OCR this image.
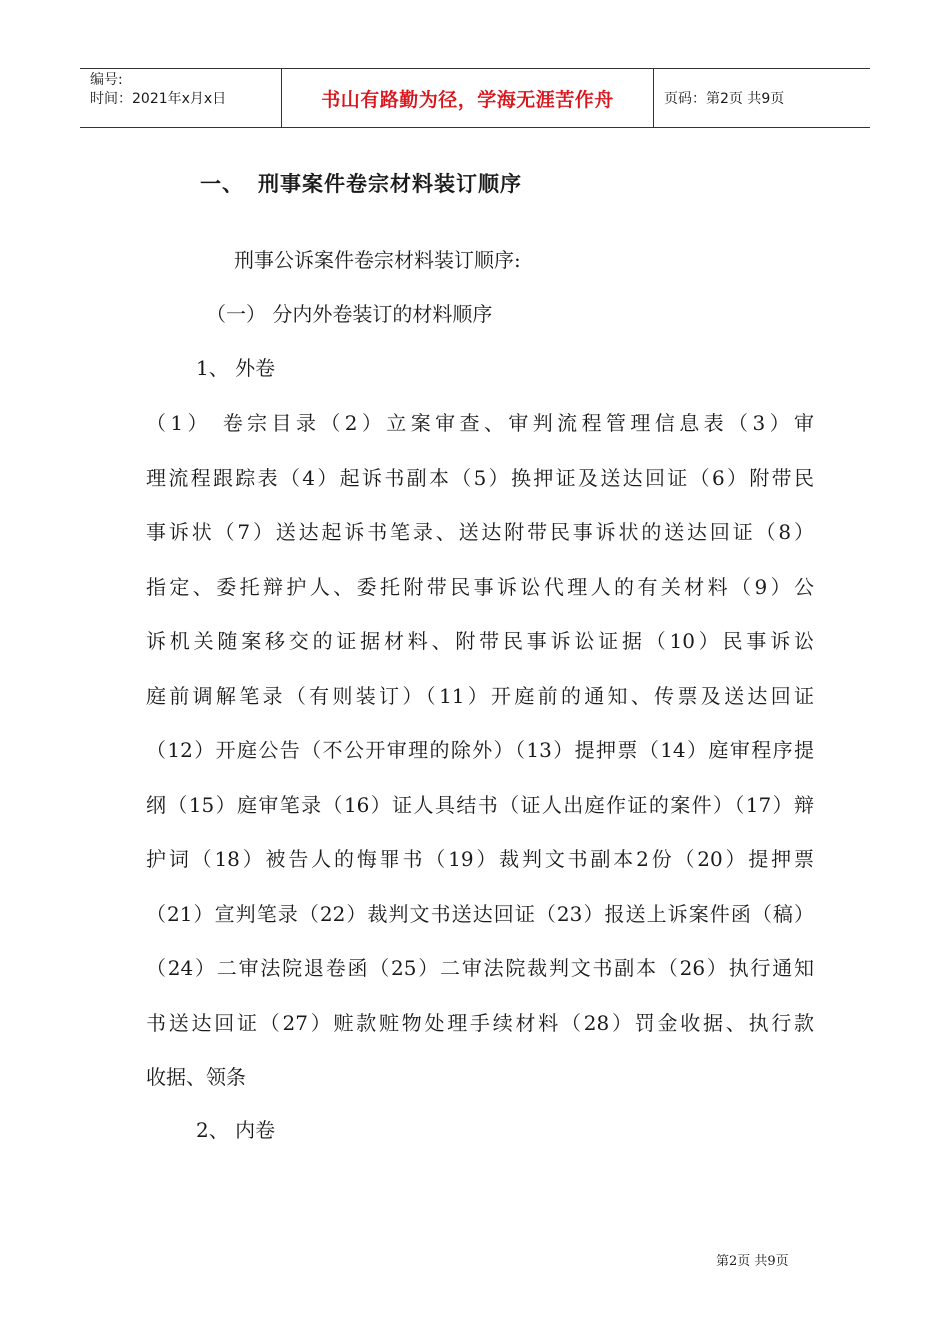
编号:
时间：2021年x月x日	书山有路勤为径，学海无涯苦作舟	页码：第2页 共9页
一、 刑事案件卷宗材料装订顺序
刑事公诉案件卷宗材料装订顺序:
（一） 分内外卷装订的材料顺序
1、 外卷
（1） 卷宗目录（2）立案审查、审判流程管理信息表（3）审
理流程跟踪表（4）起诉书副本（5）换押证及送达回证（6）附带民
事诉状（7）送达起诉书笔录、送达附带民事诉状的送达回证（8）
指定、委托辩护人、委托附带民事诉讼代理人的有关材料（9）公
诉机关随案移交的证据材料、附带民事诉讼证据（10）民事诉讼
庭前调解笔录（有则装订）（11）开庭前的通知、传票及送达回证
（12）开庭公告（不公开审理的除外）（13）提押票（14）庭审程序提
纲（15）庭审笔录（16）证人具结书（证人出庭作证的案件）（17）辩
护词（18）被告人的悔罪书（19）裁判文书副本2份（20）提押票
（21）宣判笔录（22）裁判文书送达回证（23）报送上诉案件函（稿）
（24）二审法院退卷函（25）二审法院裁判文书副本（26）执行通知
书送达回证（27）赃款赃物处理手续材料（28）罚金收据、执行款
收据、领条
2、 内卷
第2页 共9页
